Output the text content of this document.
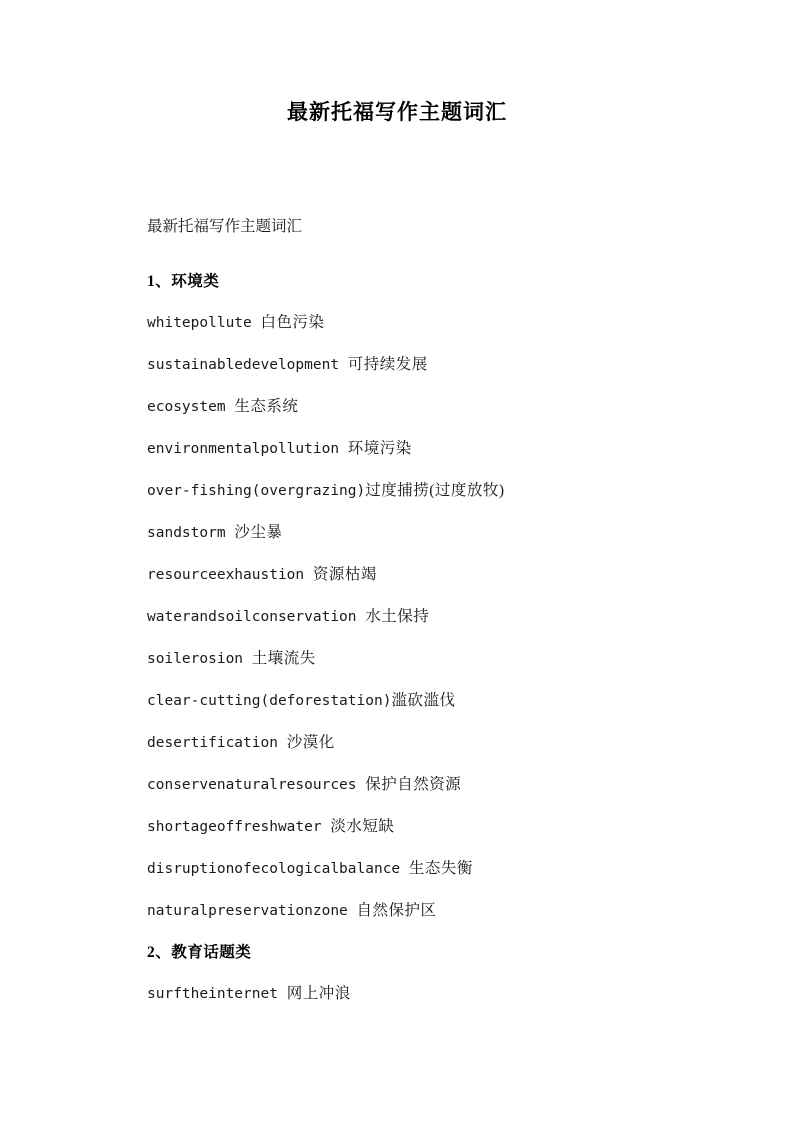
最新托福写作主题词汇
最新托福写作主题词汇
1、环境类
whitepollute 白色污染
sustainabledevelopment 可持续发展
ecosystem 生态系统
environmentalpollution 环境污染
over-fishing(overgrazing)过度捕捞(过度放牧)
sandstorm 沙尘暴
resourceexhaustion 资源枯竭
waterandsoilconservation 水土保持
soilerosion 土壤流失
clear-cutting(deforestation)滥砍滥伐
desertification 沙漠化
conservenaturalresources 保护自然资源
shortageoffreshwater 淡水短缺
disruptionofecologicalbalance 生态失衡
naturalpreservationzone 自然保护区
2、教育话题类
surftheinternet 网上冲浪
